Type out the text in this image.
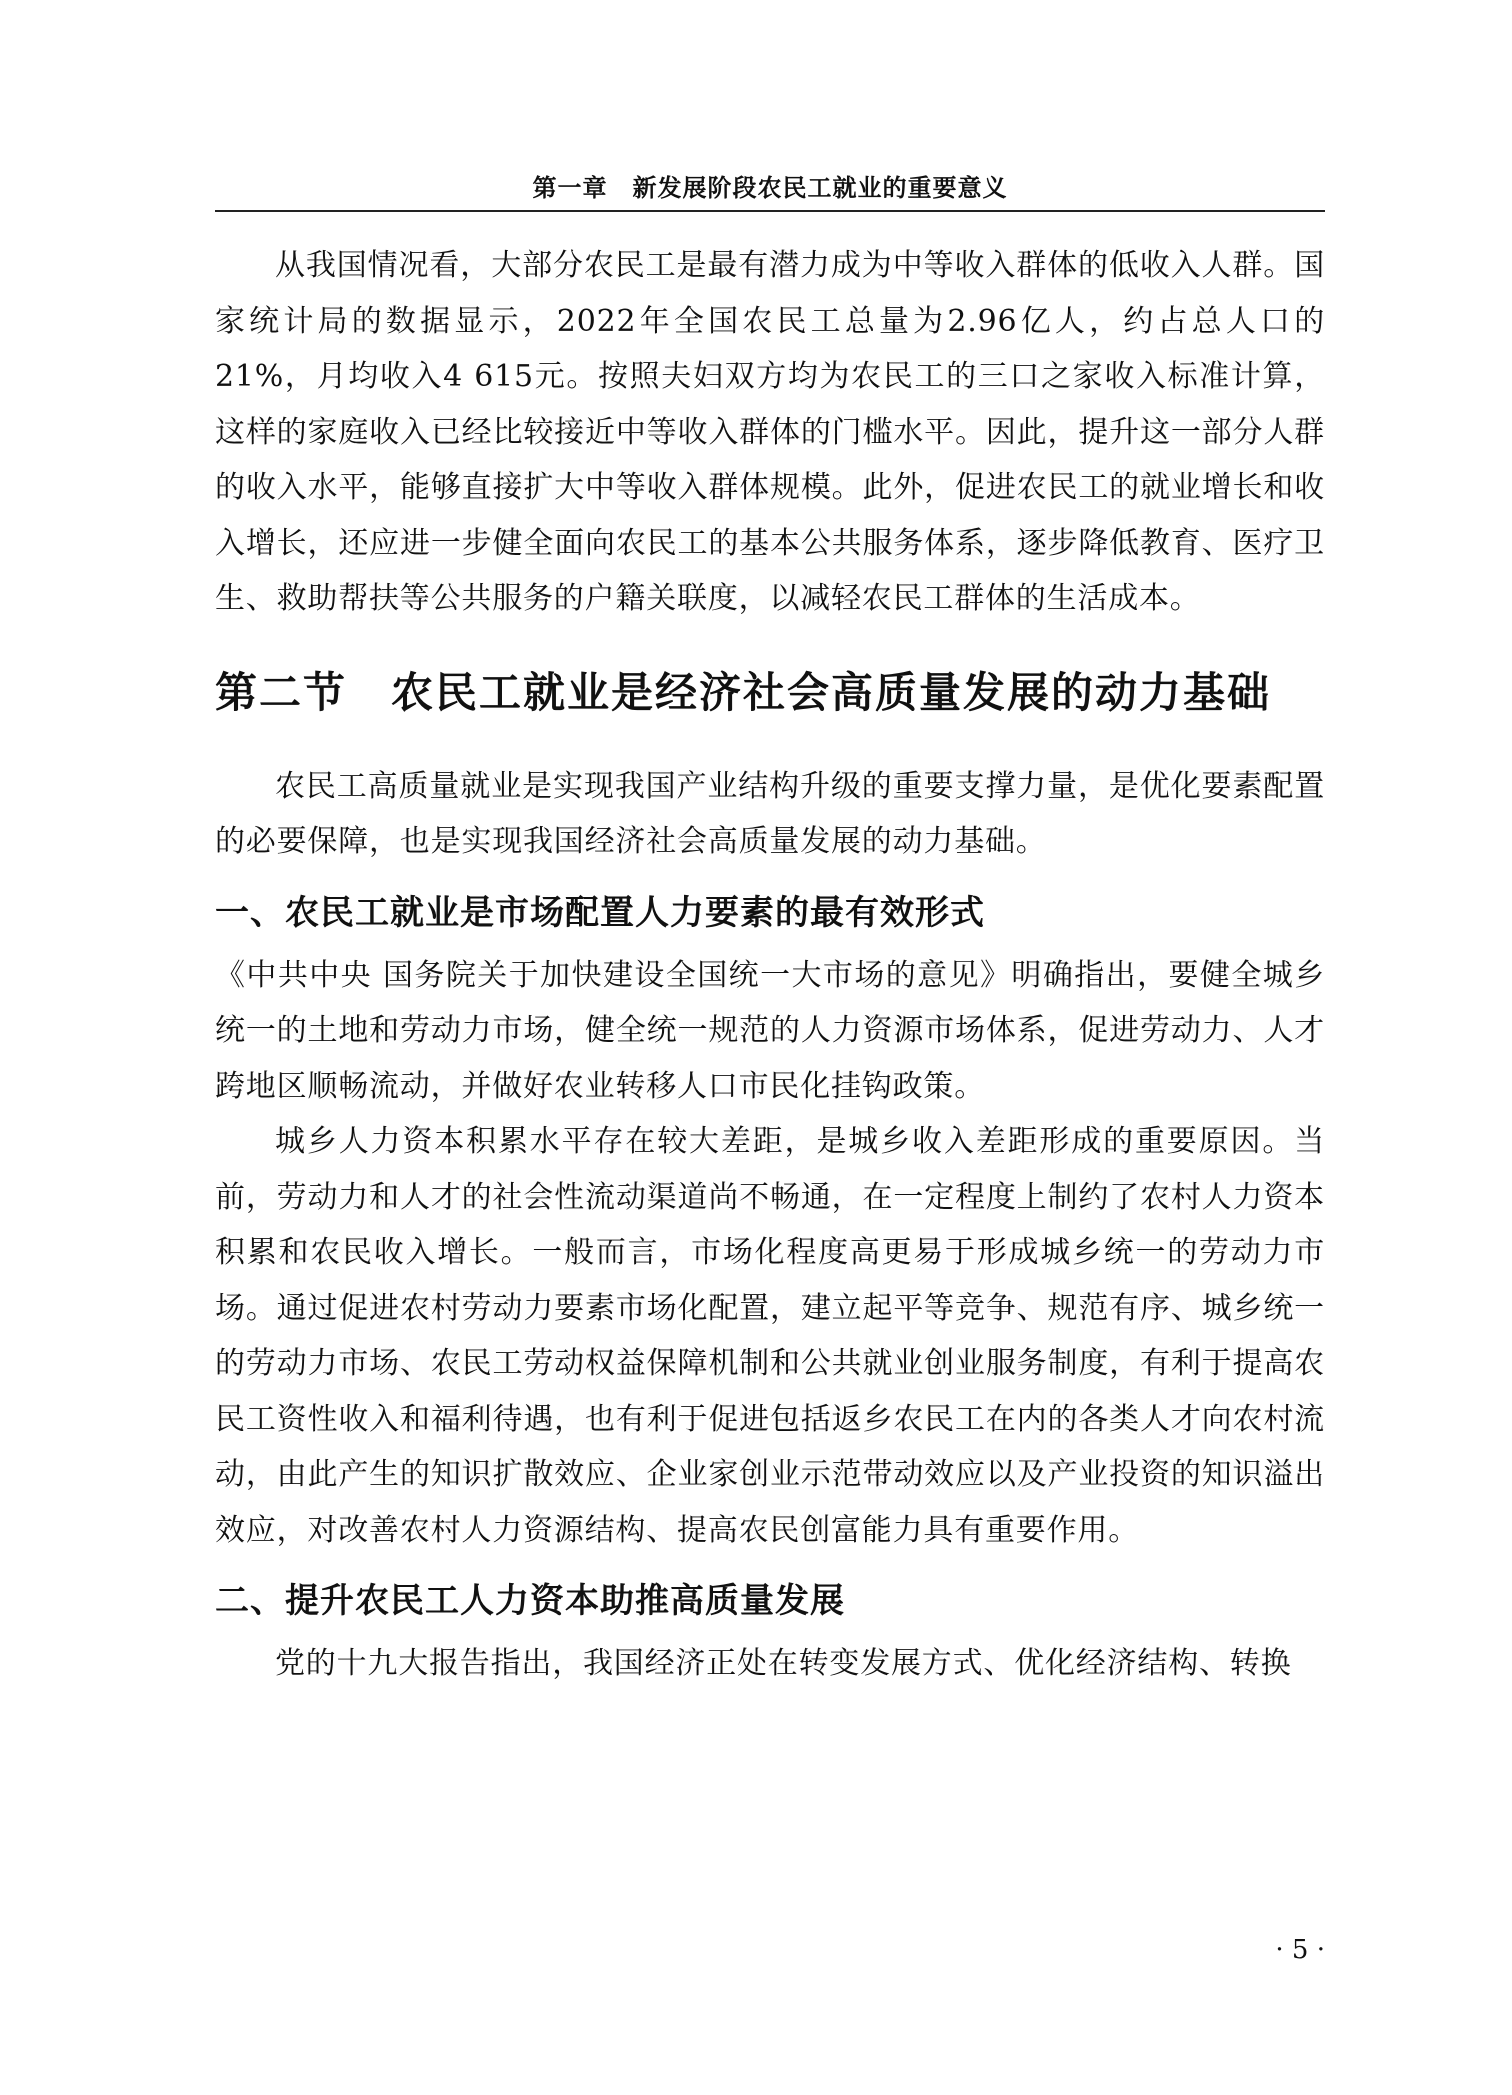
第一章　新发展阶段农民工就业的重要意义

从我国情况看，大部分农民工是最有潜力成为中等收入群体的低收入人群。国家统计局的数据显示，2022年全国农民工总量为2.96亿人，约占总人口的21%，月均收入4 615元。按照夫妇双方均为农民工的三口之家收入标准计算，这样的家庭收入已经比较接近中等收入群体的门槛水平。因此，提升这一部分人群的收入水平，能够直接扩大中等收入群体规模。此外，促进农民工的就业增长和收入增长，还应进一步健全面向农民工的基本公共服务体系，逐步降低教育、医疗卫生、救助帮扶等公共服务的户籍关联度，以减轻农民工群体的生活成本。

第二节　农民工就业是经济社会高质量发展的动力基础

农民工高质量就业是实现我国产业结构升级的重要支撑力量，是优化要素配置的必要保障，也是实现我国经济社会高质量发展的动力基础。

一、农民工就业是市场配置人力要素的最有效形式

《中共中央 国务院关于加快建设全国统一大市场的意见》明确指出，要健全城乡统一的土地和劳动力市场，健全统一规范的人力资源市场体系，促进劳动力、人才跨地区顺畅流动，并做好农业转移人口市民化挂钩政策。

城乡人力资本积累水平存在较大差距，是城乡收入差距形成的重要原因。当前，劳动力和人才的社会性流动渠道尚不畅通，在一定程度上制约了农村人力资本积累和农民收入增长。一般而言，市场化程度高更易于形成城乡统一的劳动力市场。通过促进农村劳动力要素市场化配置，建立起平等竞争、规范有序、城乡统一的劳动力市场、农民工劳动权益保障机制和公共就业创业服务制度，有利于提高农民工资性收入和福利待遇，也有利于促进包括返乡农民工在内的各类人才向农村流动，由此产生的知识扩散效应、企业家创业示范带动效应以及产业投资的知识溢出效应，对改善农村人力资源结构、提高农民创富能力具有重要作用。

二、提升农民工人力资本助推高质量发展

党的十九大报告指出，我国经济正处在转变发展方式、优化经济结构、转换

· 5 ·
